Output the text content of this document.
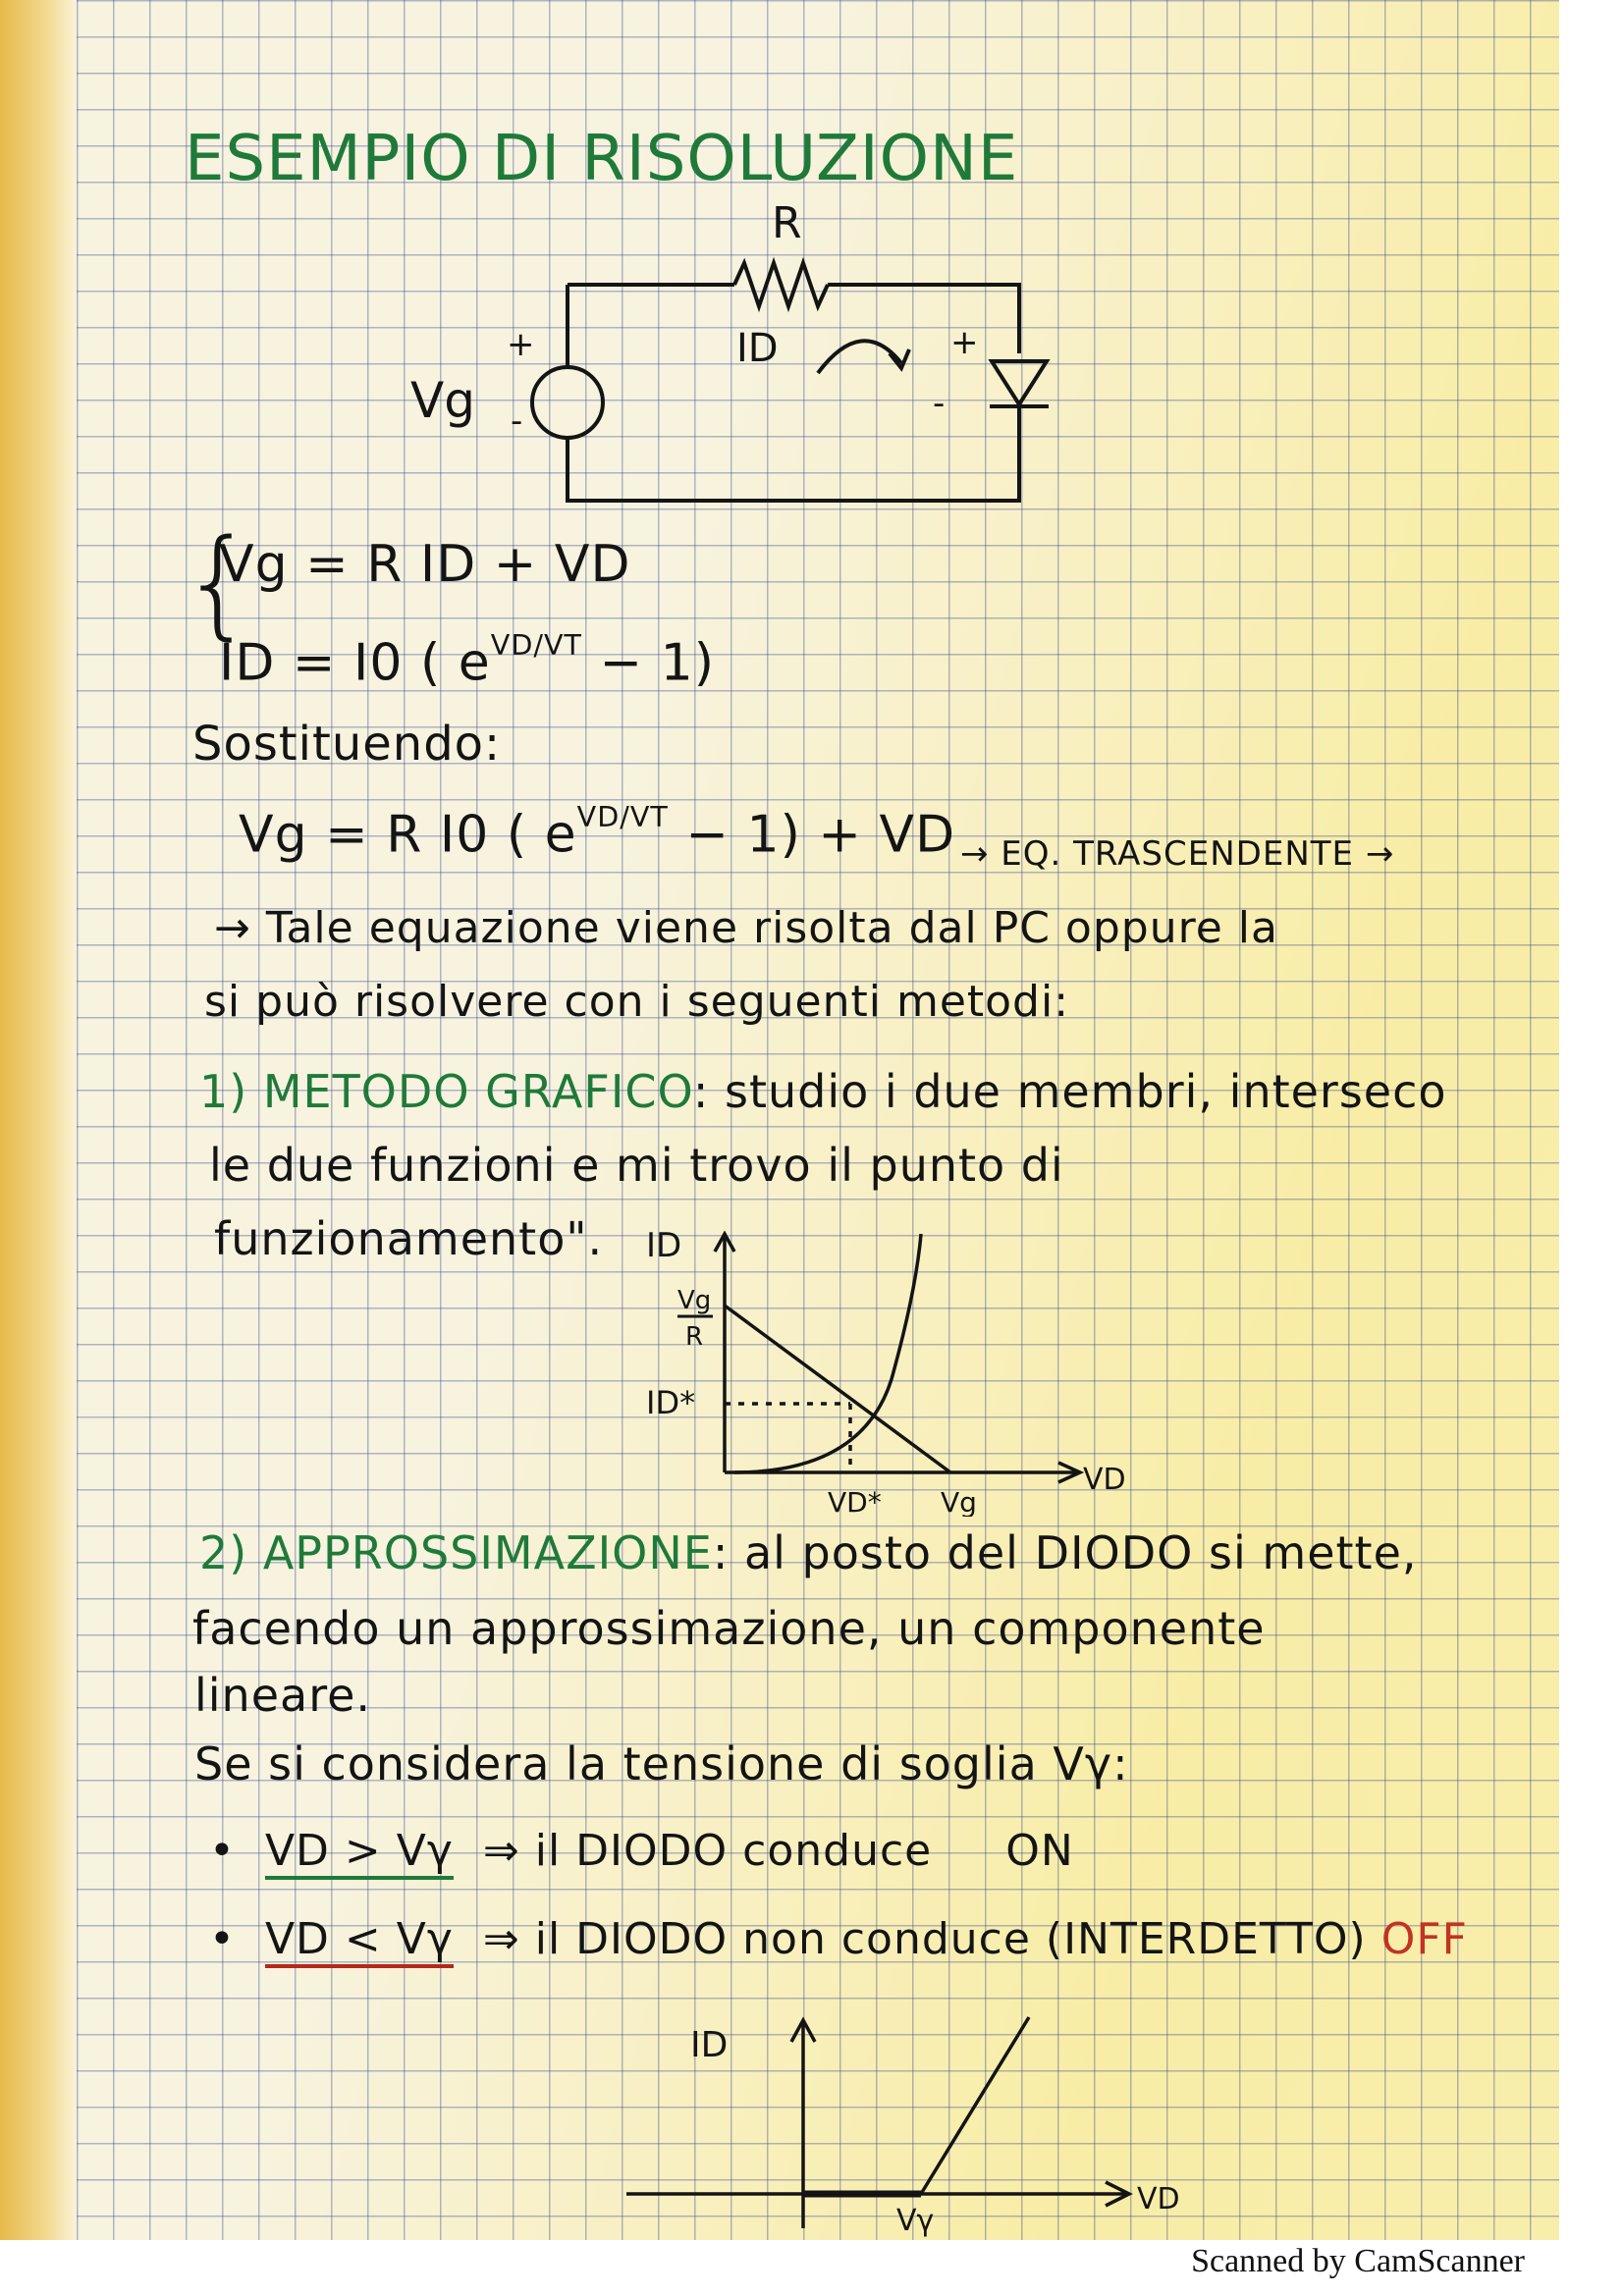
ESEMPIO DI RISOLUZIONE
R
Vg
+
-
ID	+
-
{
Vg = R ID + VD
ID = I0 ( $e^{VD/VT} - 1$)
Sostituendo:
Vg = R I0 ( $e^{VD/VT} - 1$) + VD → EQ. TRASCENDENTE →
→ Tale equazione viene risolta dal PC oppure la
si può risolvere con i seguenti metodi:
1) METODO GRAFICO: studio i due membri, interseco
le due funzioni e mi trovo il punto di
funzionamento". ID
VD
Vg
R
ID*
VD* Vg
2) APPROSSIMAZIONE: al posto del DIODO si mette,
facendo un approssimazione, un componente
lineare.
Se si considera la tensione di soglia Vγ:
•  VD > Vγ ⇒ il DIODO conduce ON
•  VD < Vγ ⇒ il DIODO non conduce (INTERDETTO) OFF
ID
VD
Vγ
Scanned by CamScanner
